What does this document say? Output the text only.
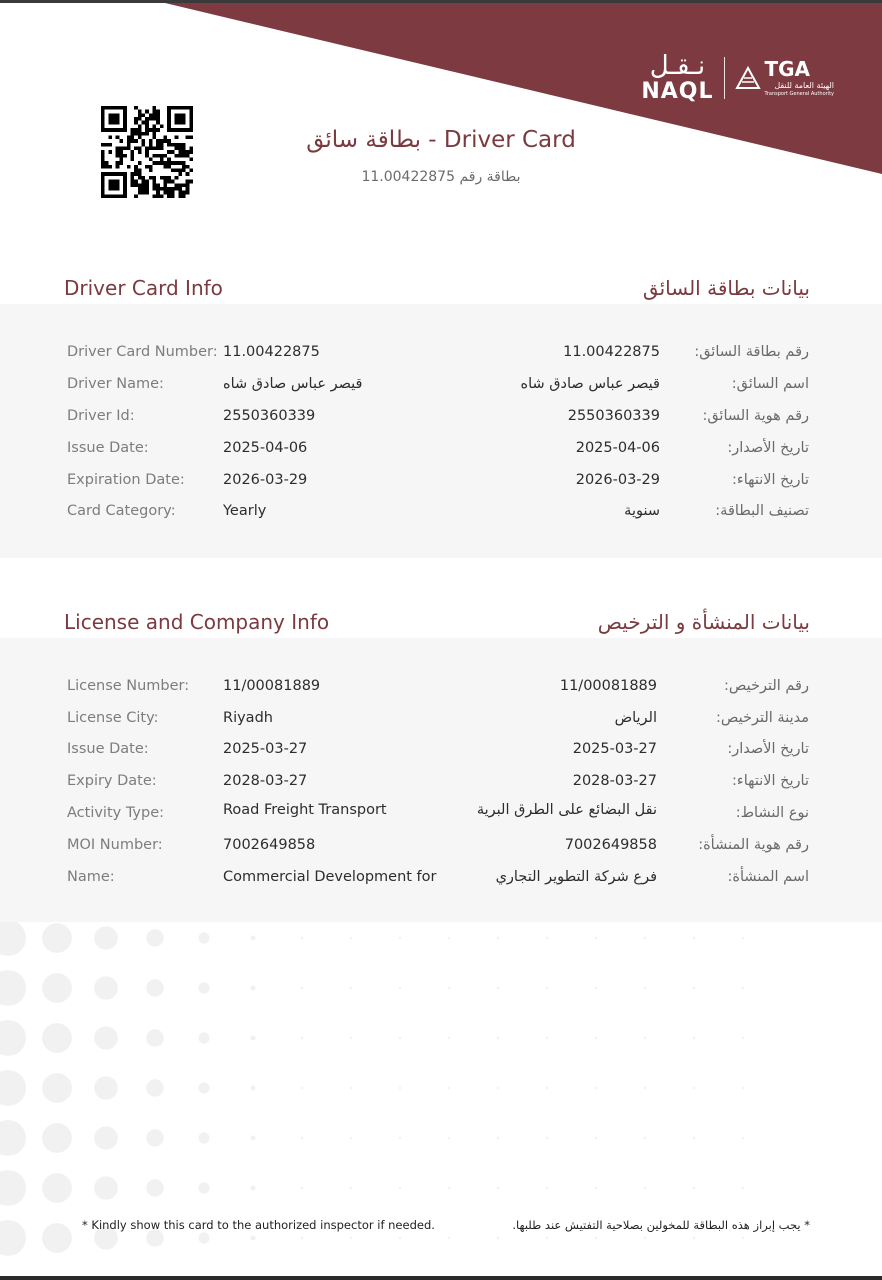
نـقـل
NAQL
TGA
الهيئة العامة للنقل
Transport General Authority
بطاقة سائق - Driver Card
بطاقة رقم 11.00422875
Driver Card Info	بيانات بطاقة السائق
Driver Card Number: 11.00422875	11.00422875 رقم بطاقة السائق:
Driver Name:	قيصر عباس صادق شاه	قيصر عباس صادق شاه	اسم السائق:
Driver Id:	2550360339	2550360339	رقم هوية السائق:
Issue Date:	2025-04-06	2025-04-06	تاريخ الأصدار:
Expiration Date:	2026-03-29	2026-03-29	تاريخ الانتهاء:
Card Category:	Yearly	سنوية	تصنيف البطاقة:
License and Company Info	بيانات المنشأة و الترخيص
License Number: 11/00081889	11/00081889	رقم الترخيص:
License City:	Riyadh	الرياض	مدينة الترخيص:
Issue Date:	2025-03-27	2025-03-27	تاريخ الأصدار:
Expiry Date:	2028-03-27	2028-03-27	تاريخ الانتهاء:
Activity Type:	Road Freight Transport	نقل البضائع على الطرق البرية	نوع النشاط:
MOI Number:	7002649858	7002649858	رقم هوية المنشأة:
Name:	Commercial Development for	فرع شركة التطوير التجاري	اسم المنشأة:
* Kindly show this card to the authorized inspector if needed.	* يجب إبراز هذه البطاقة للمخولين بصلاحية التفتيش عند طلبها.
